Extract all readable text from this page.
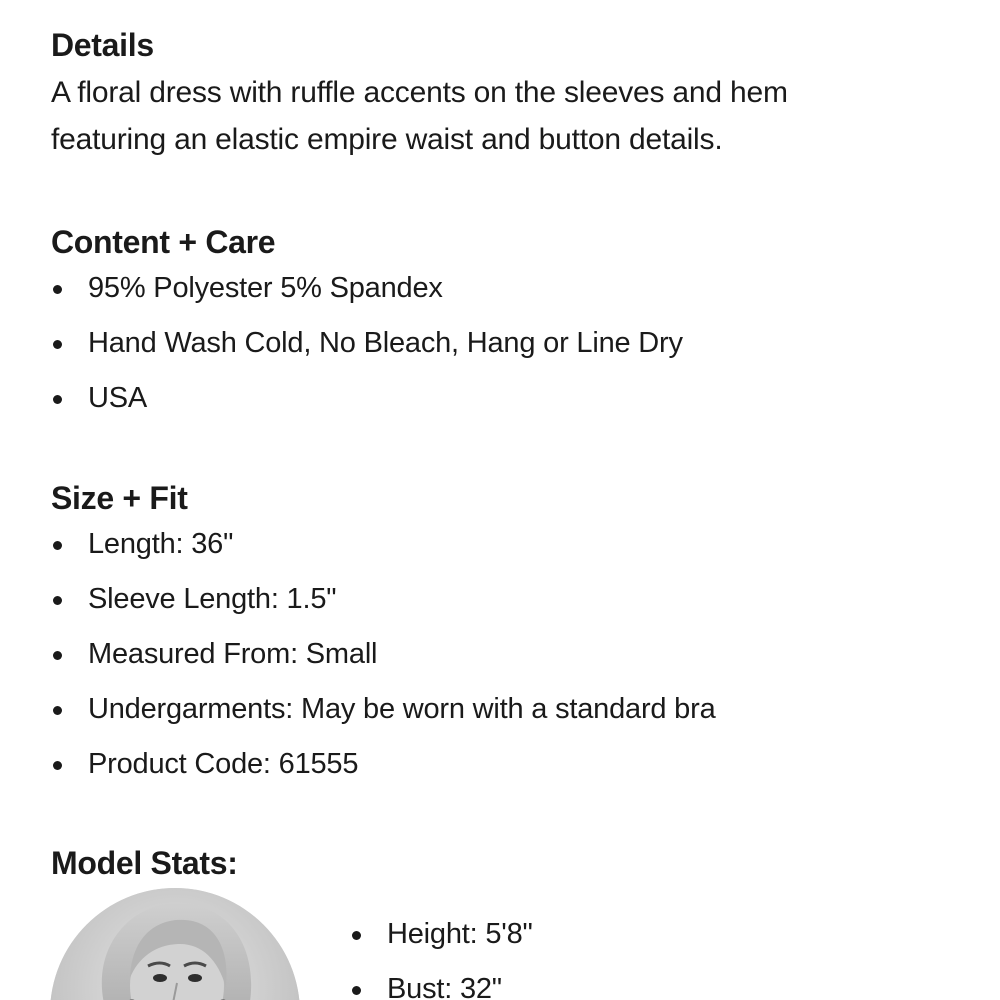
Details

A floral dress with ruffle accents on the sleeves and hem
featuring an elastic empire waist and button details.

Content + Care
95% Polyester 5% Spandex
Hand Wash Cold, No Bleach, Hang or Line Dry
USA
Size + Fit
Length: 36"
Sleeve Length: 1.5"
Measured From: Small
Undergarments: May be worn with a standard bra
Product Code: 61555
Model Stats:
Height: 5'8"
Bust: 32"
